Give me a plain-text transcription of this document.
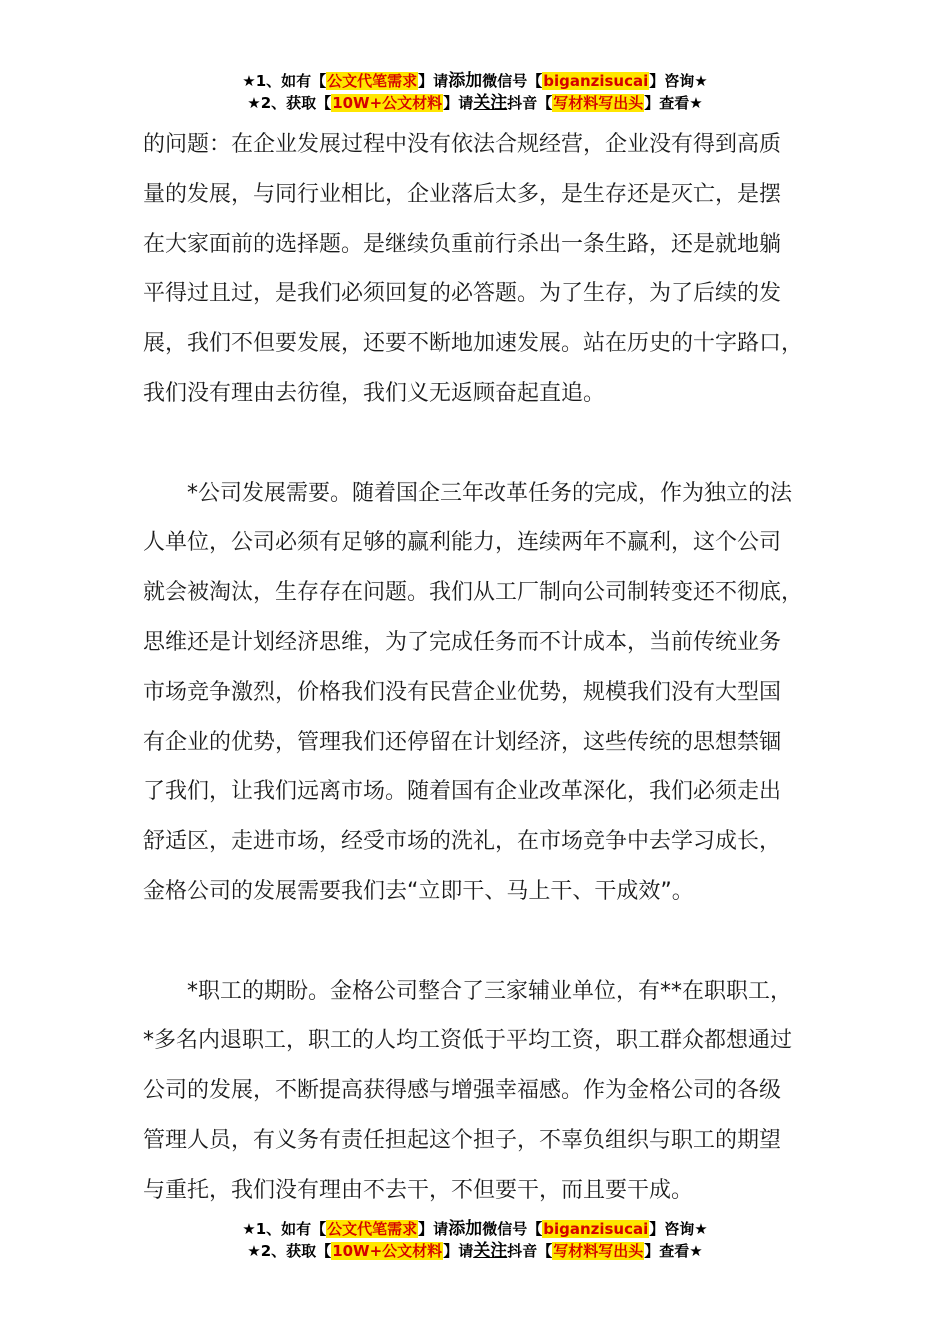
★1、如有【公文代笔需求】请添加微信号【biganzisucai】咨询★
★2、获取【10W+公文材料】请关注抖音【写材料写出头】查看★

的问题：在企业发展过程中没有依法合规经营，企业没有得到高质

量的发展，与同行业相比，企业落后太多，是生存还是灭亡，是摆

在大家面前的选择题。是继续负重前行杀出一条生路，还是就地躺

平得过且过，是我们必须回复的必答题。为了生存，为了后续的发

展，我们不但要发展，还要不断地加速发展。站在历史的十字路口，

我们没有理由去彷徨，我们义无返顾奋起直追。

*公司发展需要。随着国企三年改革任务的完成，作为独立的法

人单位，公司必须有足够的赢利能力，连续两年不赢利，这个公司

就会被淘汰，生存存在问题。我们从工厂制向公司制转变还不彻底，

思维还是计划经济思维，为了完成任务而不计成本，当前传统业务

市场竞争激烈，价格我们没有民营企业优势，规模我们没有大型国

有企业的优势，管理我们还停留在计划经济，这些传统的思想禁锢

了我们，让我们远离市场。随着国有企业改革深化，我们必须走出

舒适区，走进市场，经受市场的洗礼，在市场竞争中去学习成长，

金格公司的发展需要我们去“立即干、马上干、干成效”。

*职工的期盼。金格公司整合了三家辅业单位，有**在职职工，

*多名内退职工，职工的人均工资低于平均工资，职工群众都想通过

公司的发展，不断提高获得感与增强幸福感。作为金格公司的各级

管理人员，有义务有责任担起这个担子，不辜负组织与职工的期望

与重托，我们没有理由不去干，不但要干，而且要干成。

★1、如有【公文代笔需求】请添加微信号【biganzisucai】咨询★
★2、获取【10W+公文材料】请关注抖音【写材料写出头】查看★
